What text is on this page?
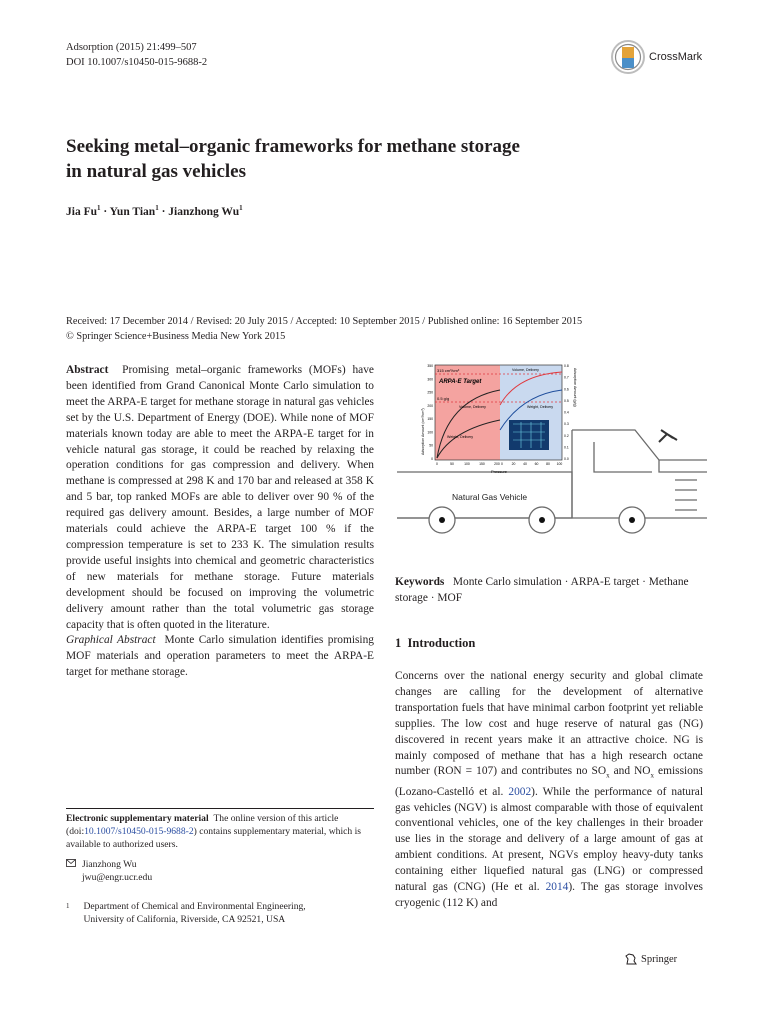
Adsorption (2015) 21:499–507
DOI 10.1007/s10450-015-9688-2	CrossMark
Seeking metal–organic frameworks for methane storage
in natural gas vehicles
Jia $Fu^1$ · Yun Tian$^1$ · Jianzhong Wu$^1$
Received: 17 December 2014 / Revised: 20 July 2015 / Accepted: 10 September 2015 / Published online: 16 September 2015
© Springer Science+Business Media New York 2015
Abstract Promising metal–organic frameworks (MOFs) have been identified from Grand Canonical Monte Carlo simulation to meet the ARPA-E target for methane storage in natural gas vehicles set by the U.S. Department of Energy (DOE). While none of MOF materials known today are able to meet the ARPA-E target for in vehicle natural gas storage, it could be reached by relaxing the operation conditions for gas compression and delivery. When methane is compressed at 298 K and 170 bar and released at 358 K and 5 bar, top ranked MOFs are able to deliver over 90 % of the required gas delivery amount. Besides, a large number of MOF materials could achieve the ARPA-E target 100 % if the compression temperature is set to 233 K. The simulation results provide useful insights into chemical and geometric characteristics of new materials for methane storage. Future materials development should be focused on improving the volumetric delivery amount rather than the total volumetric gas storage capacity that is often quoted in the literature.
Graphical Abstract Monte Carlo simulation identifies promising MOF materials and operation parameters to meet the ARPA-E target for methane storage.
Natural Gas Vehicle
ARPA-E Target
315 cm³/cm³
0.5 g/g
Volume, Delivery
Weight, Delivery
Volume, Delivery
Weight, Delivery
Pressure
Adsorption Amount (cm³/cm³)
Adsorption Amount (g/g)
350
300
250
200
150
100
50
0
0.8
0.7
0.6
0.5
0.4
0.3
0.2
0.1
0.0
0	50	100	150	200 0	20 40 60 80 100
Electronic supplementary material The online version of this article (doi:10.1007/s10450-015-9688-2) contains supplementary material, which is available to authorized users.
Jianzhong Wu
jwu@engr.ucr.edu
1 Department of Chemical and Environmental Engineering,
University of California, Riverside, CA 92521, USA
Keywords Monte Carlo simulation · ARPA-E target · Methane storage · MOF
1 Introduction
Concerns over the national energy security and global climate changes are calling for the development of alternative transportation fuels that have minimal carbon footprint yet reliable supplies. The low cost and huge reserve of natural gas (NG) discovered in recent years make it an attractive choice. NG is mainly composed of methane that has a high research octane number (RON = 107) and contributes no $SO_x$ and $NO_x$ emissions (Lozano-Castelló et al. 2002). While the performance of natural gas vehicles (NGV) is almost comparable with those of equivalent conventional vehicles, one of the key challenges in their broader use lies in the storage and delivery of a large amount of gas at ambient conditions. At present, NGVs employ heavy-duty tanks containing either liquefied natural gas (LNG) or compressed natural gas (CNG) (He et al. 2014). The gas storage involves cryogenic (112 K) and
Springer
